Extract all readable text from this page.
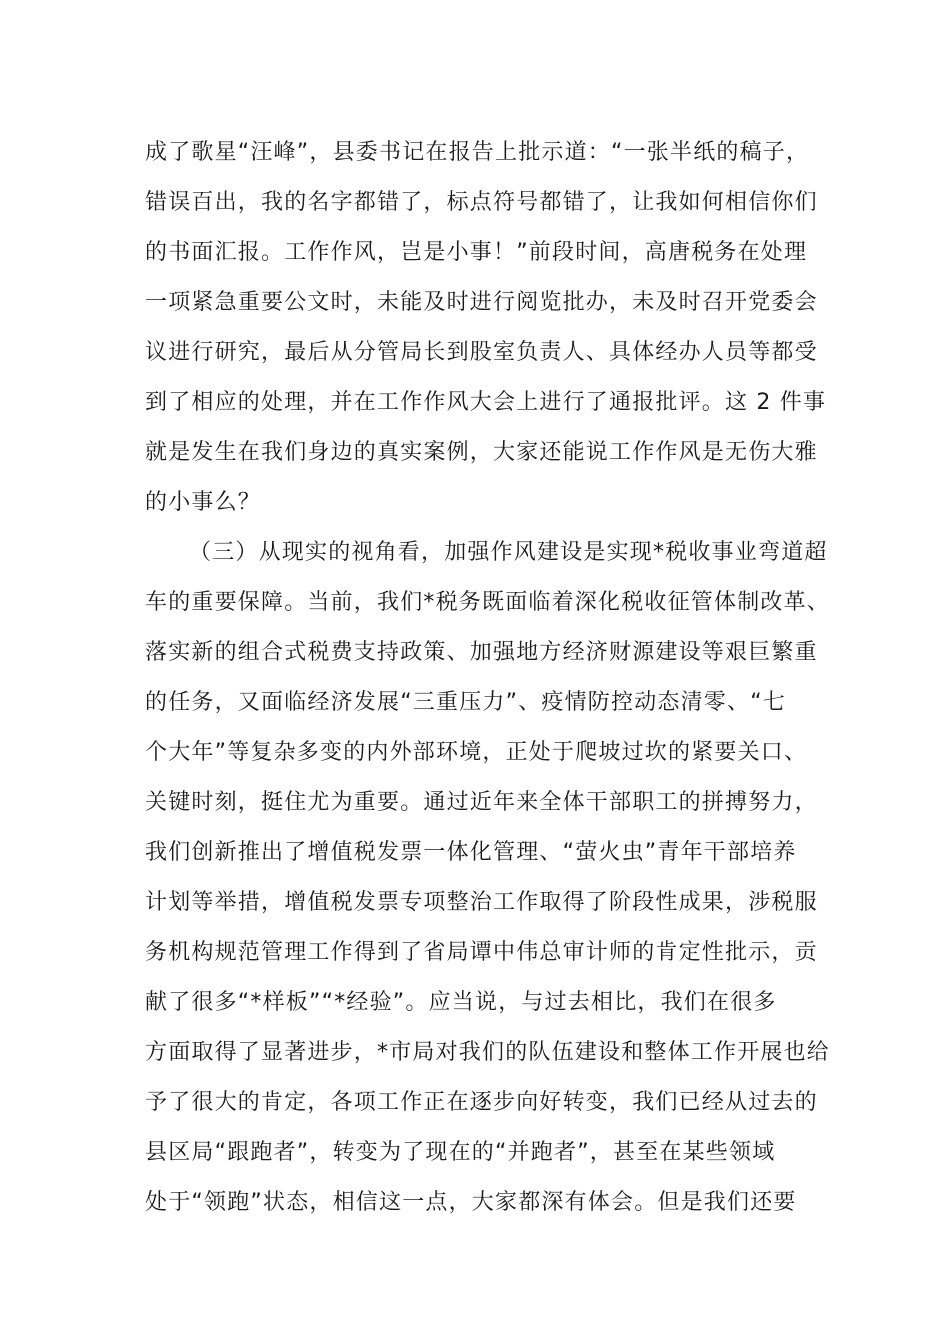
成了歌星“汪峰”，县委书记在报告上批示道：“一张半纸的稿子，
错误百出，我的名字都错了，标点符号都错了，让我如何相信你们
的书面汇报。工作作风，岂是小事！”前段时间，高唐税务在处理
一项紧急重要公文时，未能及时进行阅览批办，未及时召开党委会
议进行研究，最后从分管局长到股室负责人、具体经办人员等都受
到了相应的处理，并在工作作风大会上进行了通报批评。这 2 件事
就是发生在我们身边的真实案例，大家还能说工作作风是无伤大雅
的小事么？
（三）从现实的视角看，加强作风建设是实现*税收事业弯道超
车的重要保障。当前，我们*税务既面临着深化税收征管体制改革、
落实新的组合式税费支持政策、加强地方经济财源建设等艰巨繁重
的任务，又面临经济发展“三重压力”、疫情防控动态清零、“七
个大年”等复杂多变的内外部环境，正处于爬坡过坎的紧要关口、
关键时刻，挺住尤为重要。通过近年来全体干部职工的拼搏努力，
我们创新推出了增值税发票一体化管理、“萤火虫”青年干部培养
计划等举措，增值税发票专项整治工作取得了阶段性成果，涉税服
务机构规范管理工作得到了省局谭中伟总审计师的肯定性批示，贡
献了很多“*样板”“*经验”。应当说，与过去相比，我们在很多
方面取得了显著进步，*市局对我们的队伍建设和整体工作开展也给
予了很大的肯定，各项工作正在逐步向好转变，我们已经从过去的
县区局“跟跑者”，转变为了现在的“并跑者”，甚至在某些领域
处于“领跑”状态，相信这一点，大家都深有体会。但是我们还要
